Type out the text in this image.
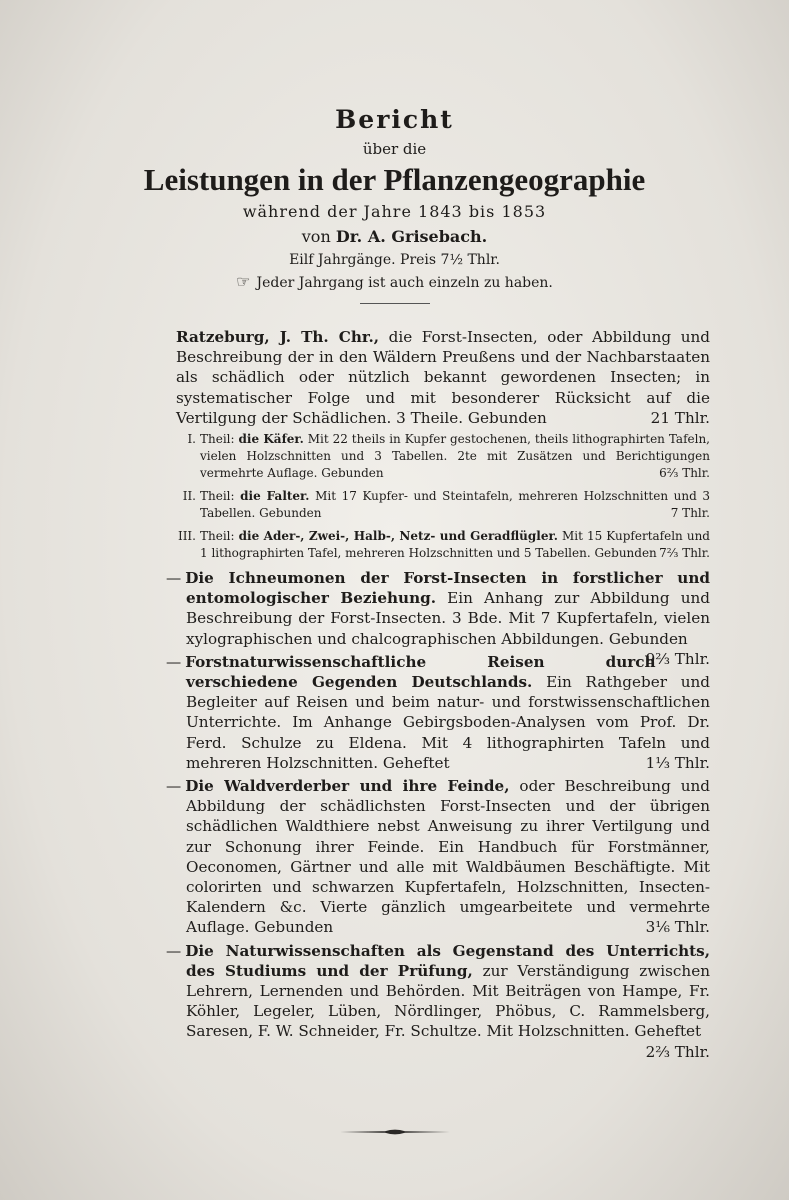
Bericht
über die
Leistungen in der Pflanzengeographie
während der Jahre 1843 bis 1853
von Dr. A. Grisebach.
Eilf Jahrgänge. Preis 7½ Thlr.
☞ Jeder Jahrgang ist auch einzeln zu haben.

Ratzeburg, J. Th. Chr., die Forst-Insecten, oder Abbildung und Beschreibung der in den Wäldern Preußens und der Nachbarstaaten als schädlich oder nützlich bekannt gewordenen Insecten; in systematischer Folge und mit besonderer Rücksicht auf die Vertilgung der Schädlichen. 3 Theile. Gebunden	21 Thlr.

I. Theil: die Käfer. Mit 22 theils in Kupfer gestochenen, theils lithographirten Tafeln, vielen Holzschnitten und 3 Tabellen. 2te mit Zusätzen und Berichtigungen vermehrte Auflage. Gebunden	6⅔ Thlr.

II. Theil: die Falter. Mit 17 Kupfer- und Steintafeln, mehreren Holzschnitten und 3 Tabellen. Gebunden	7 Thlr.

III. Theil: die Ader-, Zwei-, Halb-, Netz- und Geradflügler. Mit 15 Kupfertafeln und 1 lithographirten Tafel, mehreren Holzschnitten und 5 Tabellen. Gebunden 7⅔ Thlr.

— Die Ichneumonen der Forst-Insecten in forstlicher und entomologischer Beziehung. Ein Anhang zur Abbildung und Beschreibung der Forst-Insecten. 3 Bde. Mit 7 Kupfertafeln, vielen xylographischen und chalcographischen Abbildungen. Gebunden
9⅔ Thlr.

— Forstnaturwissenschaftliche Reisen durch verschiedene Gegenden Deutschlands. Ein Rathgeber und Begleiter auf Reisen und beim natur- und forstwissenschaftlichen Unterrichte. Im Anhange Gebirgsboden-Analysen vom Prof. Dr. Ferd. Schulze zu Eldena. Mit 4 lithographirten Tafeln und mehreren Holzschnitten. Geheftet	1⅓ Thlr.

— Die Waldverderber und ihre Feinde, oder Beschreibung und Abbildung der schädlichsten Forst-Insecten und der übrigen schädlichen Waldthiere nebst Anweisung zu ihrer Vertilgung und zur Schonung ihrer Feinde. Ein Handbuch für Forstmänner, Oeconomen, Gärtner und alle mit Waldbäumen Beschäftigte. Mit colorirten und schwarzen Kupfertafeln, Holzschnitten, Insecten-Kalendern &c. Vierte gänzlich umgearbeitete und vermehrte Auflage. Gebunden	3⅙ Thlr.

— Die Naturwissenschaften als Gegenstand des Unterrichts, des Studiums und der Prüfung, zur Verständigung zwischen Lehrern, Lernenden und Behörden. Mit Beiträgen von Hampe, Fr. Köhler, Legeler, Lüben, Nördlinger, Phöbus, C. Rammelsberg, Saresen, F. W. Schneider, Fr. Schultze. Mit Holzschnitten. Geheftet
2⅔ Thlr.
